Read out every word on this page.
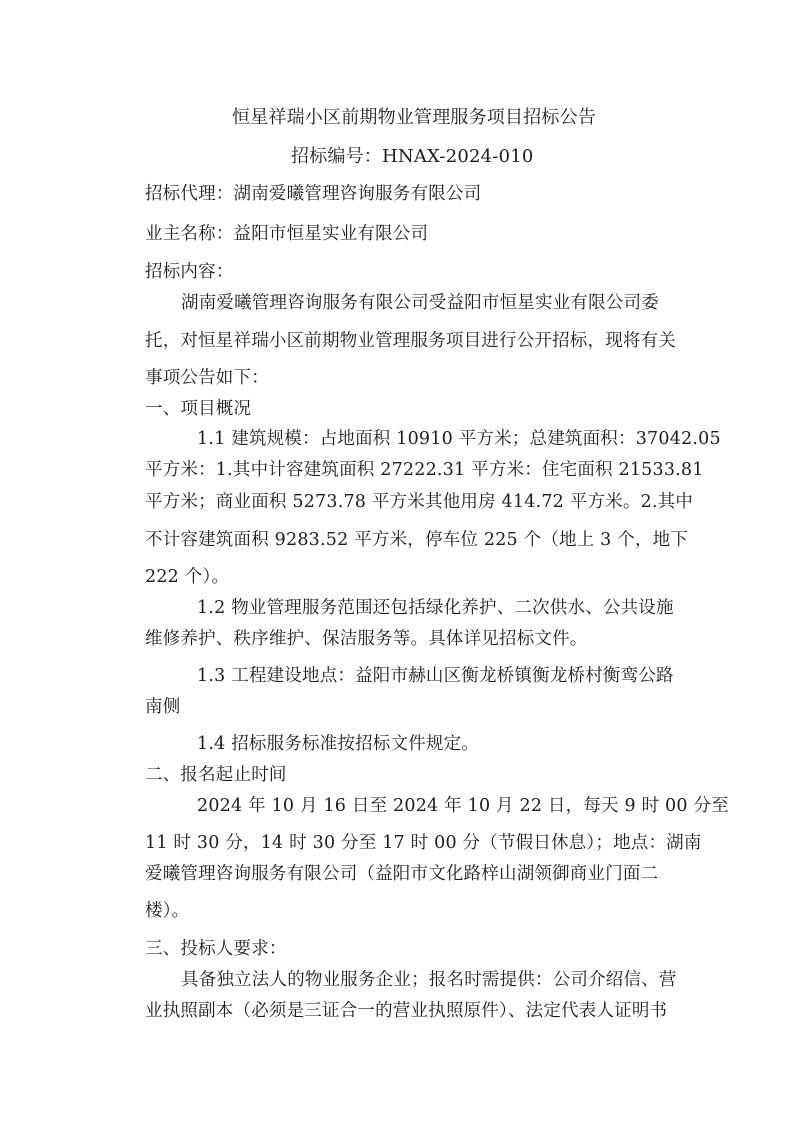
恒星祥瑞小区前期物业管理服务项目招标公告
招标编号：HNAX-2024-010
招标代理：湖南爱曦管理咨询服务有限公司
业主名称：益阳市恒星实业有限公司
招标内容：
湖南爱曦管理咨询服务有限公司受益阳市恒星实业有限公司委
托，对恒星祥瑞小区前期物业管理服务项目进行公开招标，现将有关
事项公告如下：
一、项目概况
1.1 建筑规模：占地面积 10910 平方米；总建筑面积：37042.05
平方米：1.其中计容建筑面积 27222.31 平方米：住宅面积 21533.81
平方米；商业面积 5273.78 平方米其他用房 414.72 平方米。2.其中
不计容建筑面积 9283.52 平方米，停车位 225 个（地上 3 个，地下
222 个）。
1.2 物业管理服务范围还包括绿化养护、二次供水、公共设施
维修养护、秩序维护、保洁服务等。具体详见招标文件。
1.3 工程建设地点：益阳市赫山区衡龙桥镇衡龙桥村衡鸾公路
南侧
1.4 招标服务标准按招标文件规定。
二、报名起止时间
2024 年 10 月 16 日至 2024 年 10 月 22 日，每天 9 时 00 分至
11 时 30 分，14 时 30 分至 17 时 00 分（节假日休息）；地点：湖南
爱曦管理咨询服务有限公司（益阳市文化路梓山湖领御商业门面二
楼）。
三、投标人要求：
具备独立法人的物业服务企业；报名时需提供：公司介绍信、营
业执照副本（必须是三证合一的营业执照原件）、法定代表人证明书
